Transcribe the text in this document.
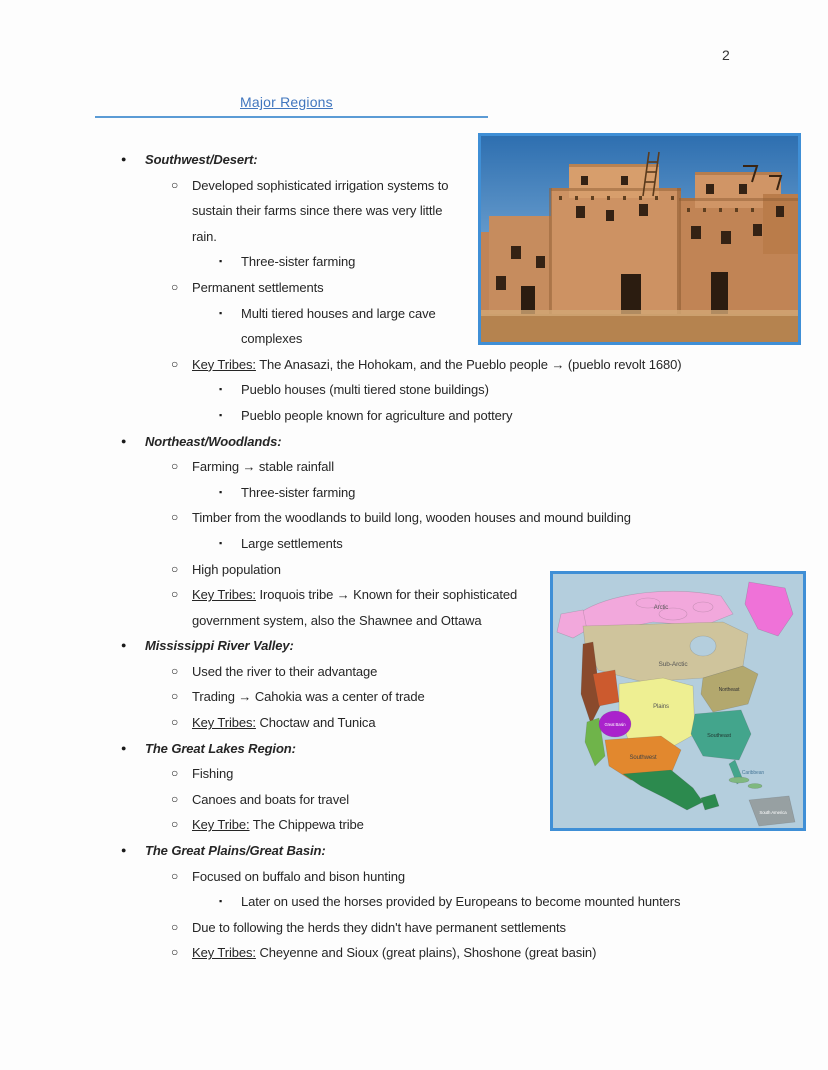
2
Major Regions
● Southwest/Desert:
○ Developed sophisticated irrigation systems to sustain their farms since there was very little rain.
▪ Three-sister farming
○ Permanent settlements
▪ Multi tiered houses and large cave complexes
○ Key Tribes: The Anasazi, the Hohokam, and the Pueblo people → (pueblo revolt 1680)
▪ Pueblo houses (multi tiered stone buildings)
▪ Pueblo people known for agriculture and pottery
● Northeast/Woodlands:
○ Farming → stable rainfall
▪ Three-sister farming
○ Timber from the woodlands to build long, wooden houses and mound building
▪ Large settlements
Arctic
Sub-Arctic
Northeast
Plains
Great Basin
Southwest
Southeast
Caribbean
South America
○ High population
○ Key Tribes: Iroquois tribe → Known for their sophisticated government system, also the Shawnee and Ottawa
● Mississippi River Valley:
○ Used the river to their advantage
○ Trading → Cahokia was a center of trade
○ Key Tribes: Choctaw and Tunica
● The Great Lakes Region:
○ Fishing
○ Canoes and boats for travel
○ Key Tribe: The Chippewa tribe
● The Great Plains/Great Basin:
○ Focused on buffalo and bison hunting
▪ Later on used the horses provided by Europeans to become mounted hunters
○ Due to following the herds they didn't have permanent settlements
○ Key Tribes: Cheyenne and Sioux (great plains), Shoshone (great basin)
